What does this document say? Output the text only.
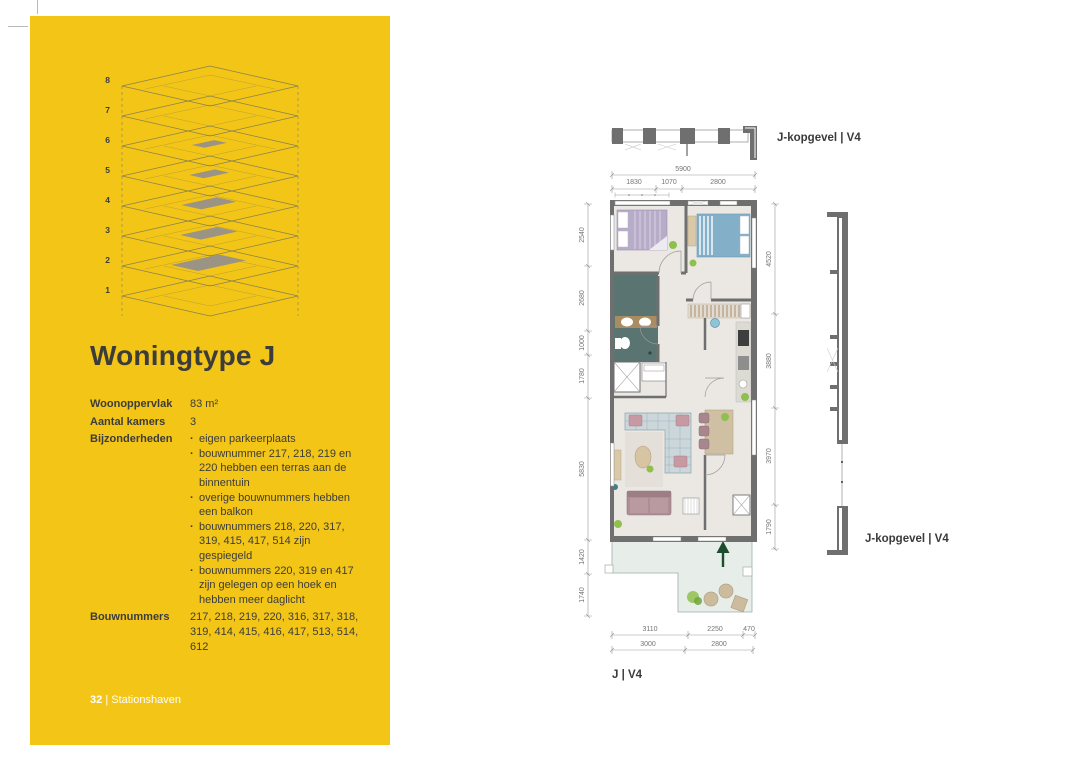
8
7
6
5
4
3
2
1
Woningtype J
Woonoppervlak	83 m²
Aantal kamers	3
Bijzonderheden	· eigen parkeerplaats
· bouwnummer 217, 218, 219 en 220 hebben een terras aan de binnentuin
· overige bouwnummers hebben een balkon
· bouwnummers 218, 220, 317, 319, 415, 417, 514 zijn gespiegeld
· bouwnummers 220, 319 en 417 zijn gelegen op een hoek en hebben meer daglicht
Bouwnummers	217, 218, 219, 220, 316, 317, 318, 319, 414, 415, 416, 417, 513, 514, 612
32 | Stationshaven
J-kopgevel | V4
5900
1830	1070	2800
J-kopgevel | V4
2540
2680
1000
1780
5830
1420
1740
4520
3880
3970
1790
3110	2250	470
3000	2800
J | V4
